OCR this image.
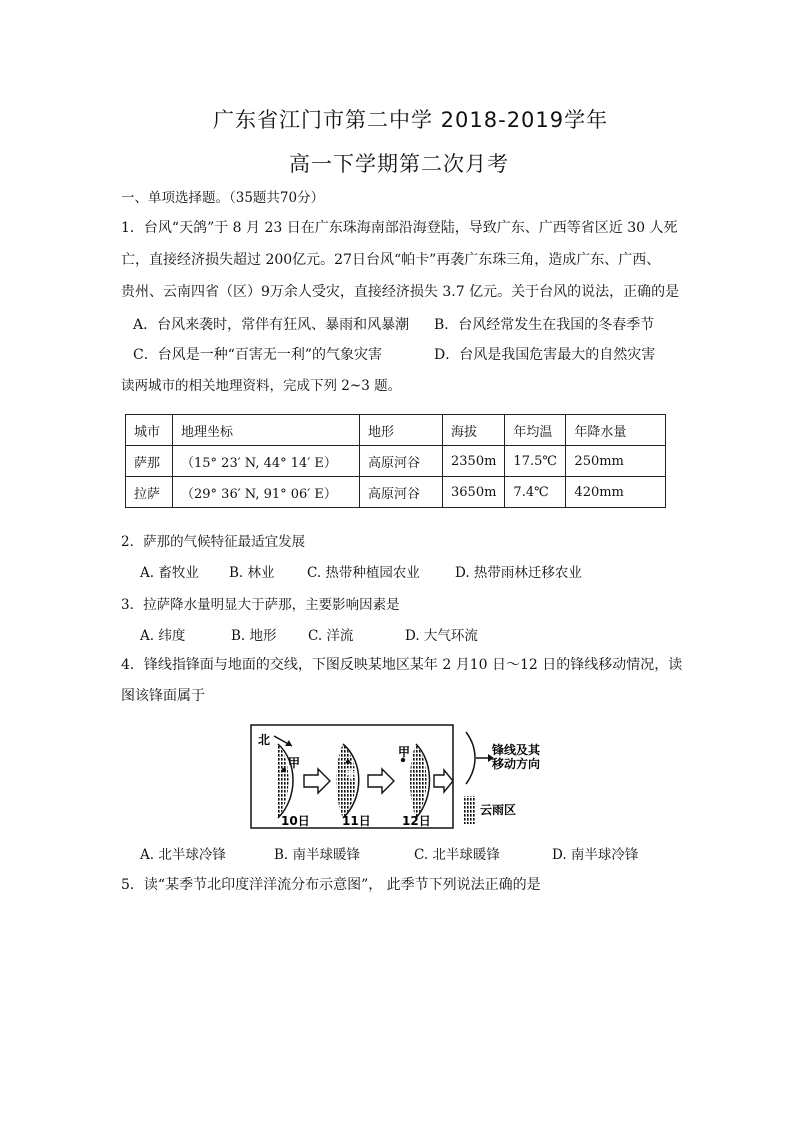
广东省江门市第二中学 2018-2019学年
高一下学期第二次月考
一、单项选择题。（35题共70分）
1．台风“天鸽”于 8 月 23 日在广东珠海南部沿海登陆，导致广东、广西等省区近 30 人死
亡，直接经济损失超过 200亿元。27日台风“帕卡”再袭广东珠三角，造成广东、广西、
贵州、云南四省（区）9万余人受灾，直接经济损失 3.7 亿元。关于台风的说法，正确的是
A．台风来袭时，常伴有狂风、暴雨和风暴潮 B．台风经常发生在我国的冬春季节
C．台风是一种“百害无一利”的气象灾害	D．台风是我国危害最大的自然灾害
读两城市的相关地理资料，完成下列 2~3 题。
城市	地理坐标	地形	海拔	年均温	年降水量
萨那	（15° 23′ N, 44° 14′ E）	高原河谷	2350m	17.5℃	250mm
拉萨	（29° 36′ N, 91° 06′ E）	高原河谷	3650m	7.4℃	420mm
2．萨那的气候特征最适宜发展
A. 畜牧业 B. 林业 C. 热带种植园农业	D. 热带雨林迁移农业
3．拉萨降水量明显大于萨那，主要影响因素是
A. 纬度	B. 地形 C. 洋流	D. 大气环流
4．锋线指锋面与地面的交线，下图反映某地区某年 2 月10 日～12 日的锋线移动情况，读
图该锋面属于
北
甲
甲
甲
10日	11日	12日
锋线及其
移动方向
云雨区
A. 北半球冷锋	B. 南半球暖锋	C. 北半球暖锋	D. 南半球冷锋
5．读“某季节北印度洋洋流分布示意图”， 此季节下列说法正确的是
